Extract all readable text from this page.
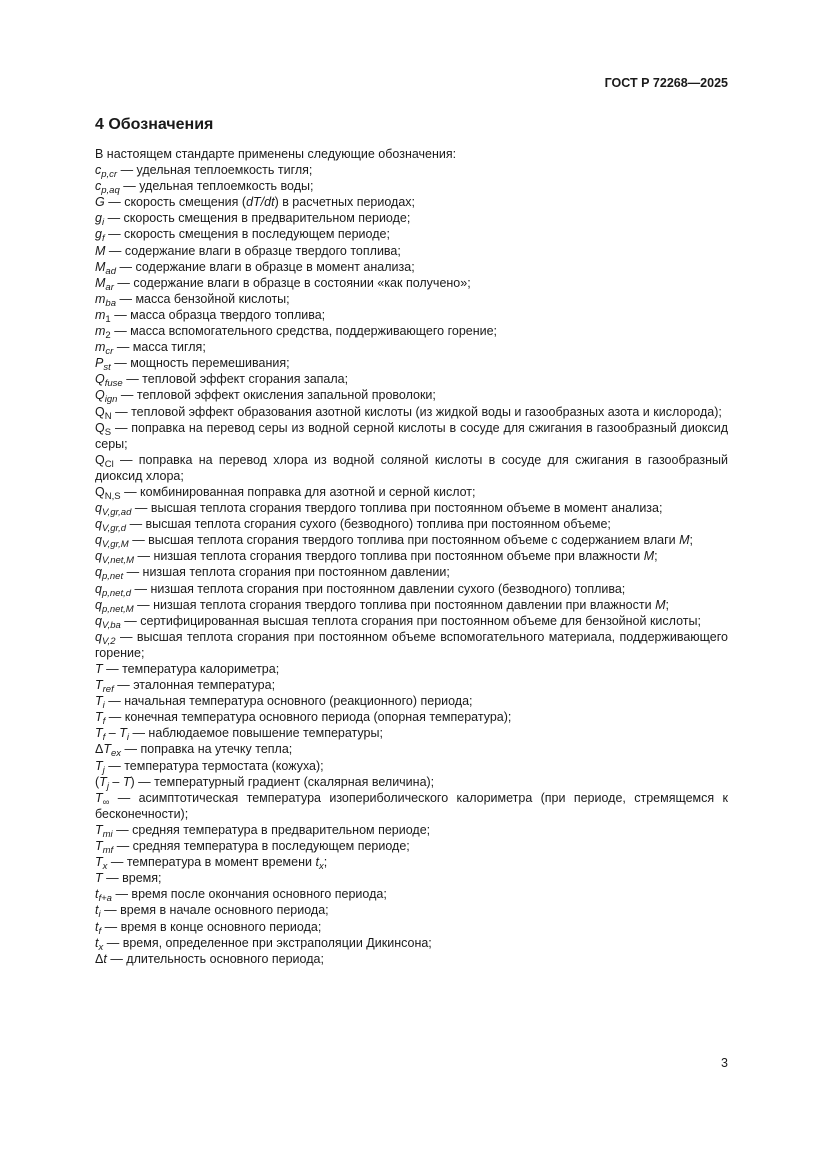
ГОСТ Р 72268—2025
4 Обозначения

В настоящем стандарте применены следующие обозначения:

$c_{p,cr}$ — удельная теплоемкость тигля;

$c_{p,aq}$ — удельная теплоемкость воды;

G — скорость смещения (dT/dt) в расчетных периодах;

$g_i$ — скорость смещения в предварительном периоде;

$g_f$ — скорость смещения в последующем периоде;

M — содержание влаги в образце твердого топлива;

$M_{ad}$ — содержание влаги в образце в момент анализа;

$M_{ar}$ — содержание влаги в образце в состоянии «как получено»;

$m_{ba}$ — масса бензойной кислоты;

$m_1$ — масса образца твердого топлива;

$m_2$ — масса вспомогательного средства, поддерживающего горение;

$m_{cr}$ — масса тигля;

$P_{st}$ — мощность перемешивания;

$Q_{fuse}$ — тепловой эффект сгорания запала;

$Q_{ign}$ — тепловой эффект окисления запальной проволоки;

$Q_N$ — тепловой эффект образования азотной кислоты (из жидкой воды и газообразных азота и кислорода);

$Q_S$ — поправка на перевод серы из водной серной кислоты в сосуде для сжигания в газообразный диоксид серы;

$Q_{Cl}$ — поправка на перевод хлора из водной соляной кислоты в сосуде для сжигания в газообразный диоксид хлора;

$Q_{N,S}$ — комбинированная поправка для азотной и серной кислот;

$q_{V,gr,ad}$ — высшая теплота сгорания твердого топлива при постоянном объеме в момент анализа;

$q_{V,gr,d}$ — высшая теплота сгорания сухого (безводного) топлива при постоянном объеме;

$q_{V,gr,M}$ — высшая теплота сгорания твердого топлива при постоянном объеме с содержанием влаги M;

$q_{V,net,M}$ — низшая теплота сгорания твердого топлива при постоянном объеме при влажности M;

$q_{p,net}$ — низшая теплота сгорания при постоянном давлении;

$q_{p,net,d}$ — низшая теплота сгорания при постоянном давлении сухого (безводного) топлива;

$q_{p,net,M}$ — низшая теплота сгорания твердого топлива при постоянном давлении при влажности M;

$q_{V,ba}$ — сертифицированная высшая теплота сгорания при постоянном объеме для бензойной кислоты;

$q_{V,2}$ — высшая теплота сгорания при постоянном объеме вспомогательного материала, поддерживающего горение;

T — температура калориметра;

$T_{ref}$ — эталонная температура;

$T_i$ — начальная температура основного (реакционного) периода;

$T_f$ — конечная температура основного периода (опорная температура);

$T_f - T_i$ — наблюдаемое повышение температуры;

$\Delta T_{ex}$ — поправка на утечку тепла;

$T_j$ — температура термостата (кожуха);

$(T_j - T)$ — температурный градиент (скалярная величина);

$T_\infty$ — асимптотическая температура изопериболического калориметра (при периоде, стремящемся к бесконечности);

$T_{mi}$ — средняя температура в предварительном периоде;

$T_{mf}$ — средняя температура в последующем периоде;

$T_x$ — температура в момент времени $t_x$;

T — время;

$t_{f+a}$ — время после окончания основного периода;

$t_i$ — время в начале основного периода;

$t_f$ — время в конце основного периода;

$t_x$ — время, определенное при экстраполяции Дикинсона;

Δt — длительность основного периода;

3
